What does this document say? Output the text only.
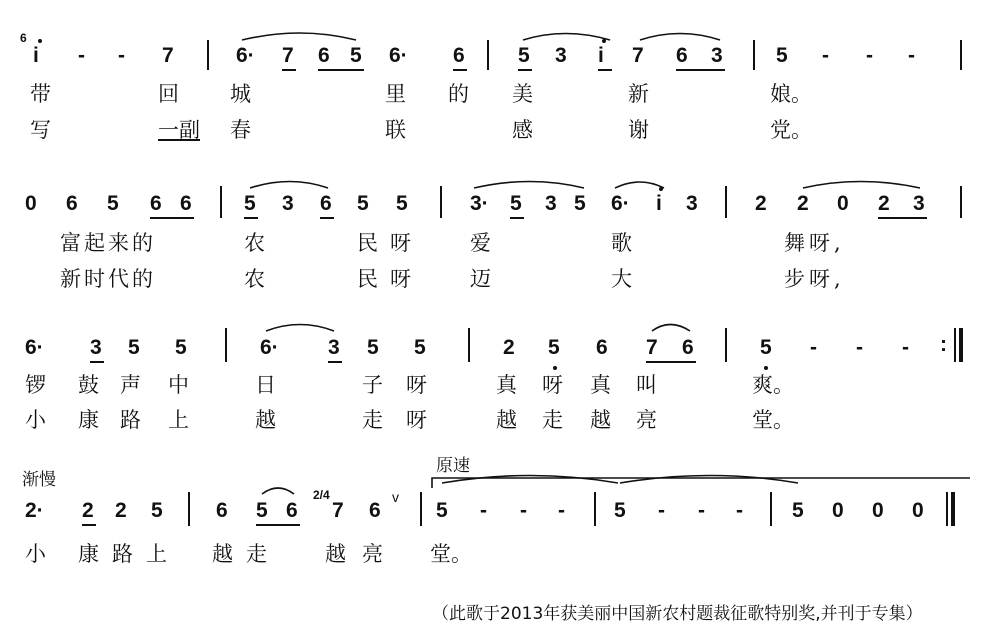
6
i - - 7	6· 7 6 5 6· 6	5 3 i 7 6 3	5 - - -
带	回 城	里 的 美	新	娘。
写	一副 春	联	感	谢	党。
0 6 5 6 6 5 3 6 5 5	3· 5 3 5 6· i 3	2 2 0 2 3
富起来的	农	民呀 爱	歌	舞呀,
新时代的	农	民呀 迈	大	步呀,
6· 3 5 5	6· 3 5 5	2 5 6 7 6	5 - - - :
锣 鼓 声 中	日	子 呀	真 呀 真 叫	爽。
小 康 路 上	越	走 呀	越 走 越 亮	堂。
渐慢
原速
2· 2 2 5	6 5 6
2/4
7 6
v
5 - - - 5 - - - 5 0 0 0
小 康 路 上 越 走	越 亮 堂。
（此歌于2013年获美丽中国新农村题裁征歌特别奖,并刊于专集）
